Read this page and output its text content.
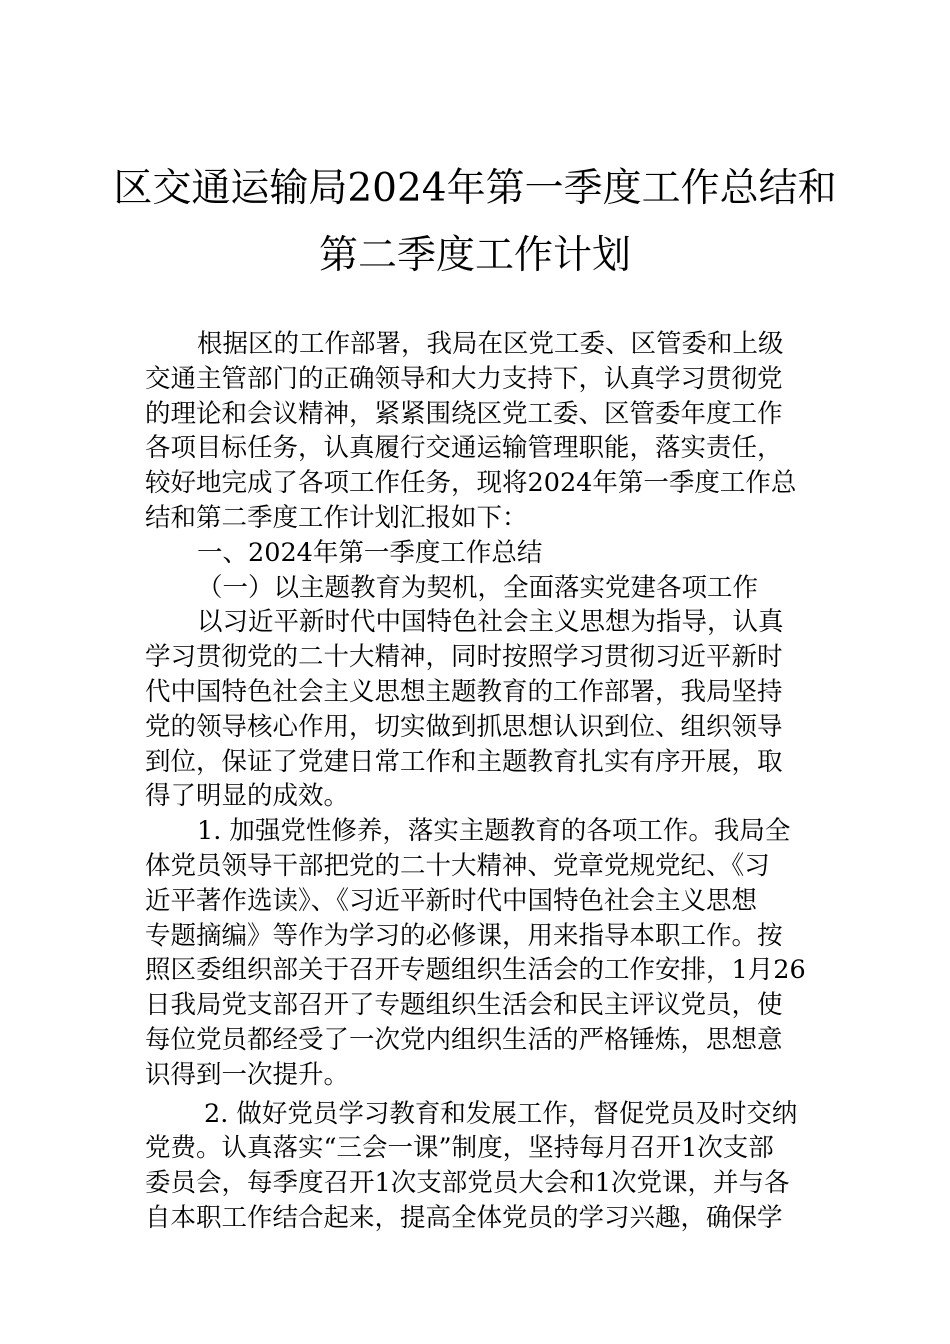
区交通运输局2024年第一季度工作总结和
第二季度工作计划
根据区的工作部署，我局在区党工委、区管委和上级
交通主管部门的正确领导和大力支持下，认真学习贯彻党
的理论和会议精神，紧紧围绕区党工委、区管委年度工作
各项目标任务，认真履行交通运输管理职能，落实责任，
较好地完成了各项工作任务，现将2024年第一季度工作总
结和第二季度工作计划汇报如下：
一、2024年第一季度工作总结
（一）以主题教育为契机，全面落实党建各项工作
以习近平新时代中国特色社会主义思想为指导，认真
学习贯彻党的二十大精神，同时按照学习贯彻习近平新时
代中国特色社会主义思想主题教育的工作部署，我局坚持
党的领导核心作用，切实做到抓思想认识到位、组织领导
到位，保证了党建日常工作和主题教育扎实有序开展，取
得了明显的成效。
1. 加强党性修养，落实主题教育的各项工作。我局全
体党员领导干部把党的二十大精神、党章党规党纪、《习
近平著作选读》、《习近平新时代中国特色社会主义思想
专题摘编》等作为学习的必修课，用来指导本职工作。按
照区委组织部关于召开专题组织生活会的工作安排，1月26
日我局党支部召开了专题组织生活会和民主评议党员，使
每位党员都经受了一次党内组织生活的严格锤炼，思想意
识得到一次提升。
2. 做好党员学习教育和发展工作，督促党员及时交纳
党费。认真落实“三会一课”制度，坚持每月召开1次支部
委员会，每季度召开1次支部党员大会和1次党课，并与各
自本职工作结合起来，提高全体党员的学习兴趣，确保学
